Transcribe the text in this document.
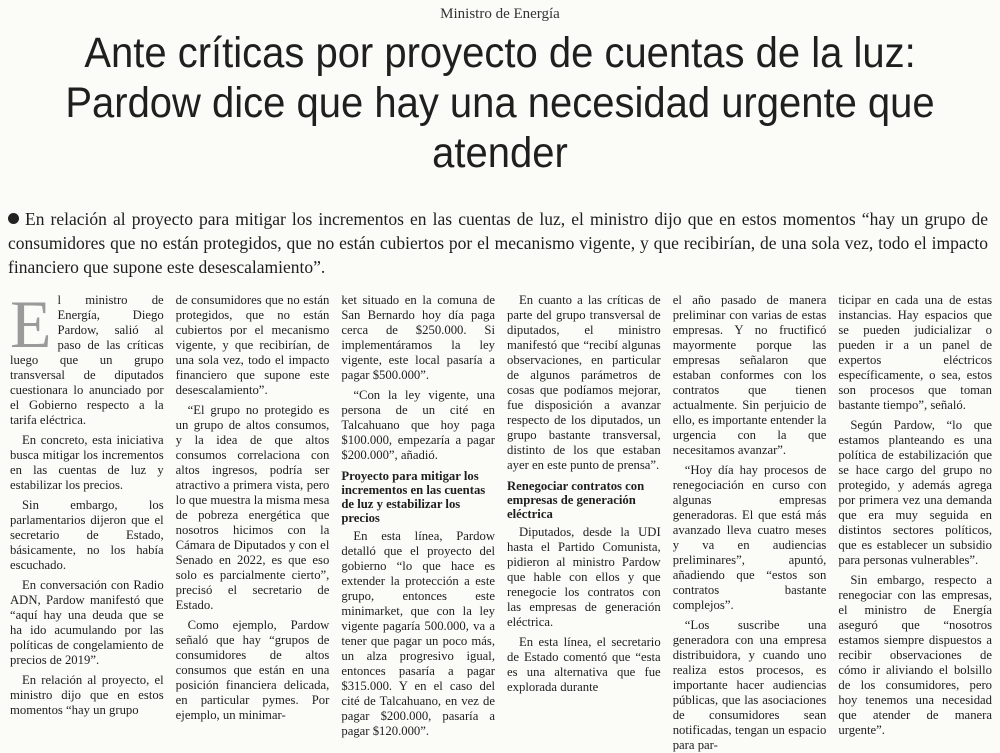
Ministro de Energía
Ante críticas por proyecto de cuentas de la luz: Pardow dice que hay una necesidad urgente que atender
En relación al proyecto para mitigar los incrementos en las cuentas de luz, el ministro dijo que en estos momentos “hay un grupo de consumidores que no están protegidos, que no están cubiertos por el mecanismo vigente, y que recibirían, de una sola vez, todo el impacto financiero que supone este desescalamiento”.

El ministro de Energía, Diego Pardow, salió al paso de las críticas luego que un grupo transversal de diputados cuestionara lo anunciado por el Gobierno respecto a la tarifa eléctrica.

En concreto, esta iniciativa busca mitigar los incrementos en las cuentas de luz y estabilizar los precios.

Sin embargo, los parlamentarios dijeron que el secretario de Estado, básicamente, no los había escuchado.

En conversación con Radio ADN, Pardow manifestó que “aquí hay una deuda que se ha ido acumulando por las políticas de congelamiento de precios de 2019”.

En relación al proyecto, el ministro dijo que en estos momentos “hay un grupo

de consumidores que no están protegidos, que no están cubiertos por el mecanismo vigente, y que recibirían, de una sola vez, todo el impacto financiero que supone este desescalamiento”.

“El grupo no protegido es un grupo de altos consumos, y la idea de que altos consumos correlaciona con altos ingresos, podría ser atractivo a primera vista, pero lo que muestra la misma mesa de pobreza energética que nosotros hicimos con la Cámara de Diputados y con el Senado en 2022, es que eso solo es parcialmente cierto”, precisó el secretario de Estado.

Como ejemplo, Pardow señaló que hay “grupos de consumidores de altos consumos que están en una posición financiera delicada, en particular pymes. Por ejemplo, un minimar-

ket situado en la comuna de San Bernardo hoy día paga cerca de $250.000. Si implementáramos la ley vigente, este local pasaría a pagar $500.000”.

“Con la ley vigente, una persona de un cité en Talcahuano que hoy paga $100.000, empezaría a pagar $200.000”, añadió.

Proyecto para mitigar los incrementos en las cuentas de luz y estabilizar los precios

En esta línea, Pardow detalló que el proyecto del gobierno “lo que hace es extender la protección a este grupo, entonces este minimarket, que con la ley vigente pagaría 500.000, va a tener que pagar un poco más, un alza progresivo igual, entonces pasaría a pagar $315.000. Y en el caso del cité de Talcahuano, en vez de pagar $200.000, pasaría a pagar $120.000”.

En cuanto a las críticas de parte del grupo transversal de diputados, el ministro manifestó que “recibí algunas observaciones, en particular de algunos parámetros de cosas que podíamos mejorar, fue disposición a avanzar respecto de los diputados, un grupo bastante transversal, distinto de los que estaban ayer en este punto de prensa”.

Renegociar contratos con empresas de generación eléctrica

Diputados, desde la UDI hasta el Partido Comunista, pidieron al ministro Pardow que hable con ellos y que renegocie los contratos con las empresas de generación eléctrica.

En esta línea, el secretario de Estado comentó que “esta es una alternativa que fue explorada durante

el año pasado de manera preliminar con varias de estas empresas. Y no fructificó mayormente porque las empresas señalaron que estaban conformes con los contratos que tienen actualmente. Sin perjuicio de ello, es importante entender la urgencia con la que necesitamos avanzar”.

“Hoy día hay procesos de renegociación en curso con algunas empresas generadoras. El que está más avanzado lleva cuatro meses y va en audiencias preliminares”, apuntó, añadiendo que “estos son contratos bastante complejos”.

“Los suscribe una generadora con una empresa distribuidora, y cuando uno realiza estos procesos, es importante hacer audiencias públicas, que las asociaciones de consumidores sean notificadas, tengan un espacio para par-

ticipar en cada una de estas instancias. Hay espacios que se pueden judicializar o pueden ir a un panel de expertos eléctricos específicamente, o sea, estos son procesos que toman bastante tiempo”, señaló.

Según Pardow, “lo que estamos planteando es una política de estabilización que se hace cargo del grupo no protegido, y además agrega por primera vez una demanda que era muy seguida en distintos sectores políticos, que es establecer un subsidio para personas vulnerables”.

Sin embargo, respecto a renegociar con las empresas, el ministro de Energía aseguró que “nosotros estamos siempre dispuestos a recibir observaciones de cómo ir aliviando el bolsillo de los consumidores, pero hoy tenemos una necesidad que atender de manera urgente”.
